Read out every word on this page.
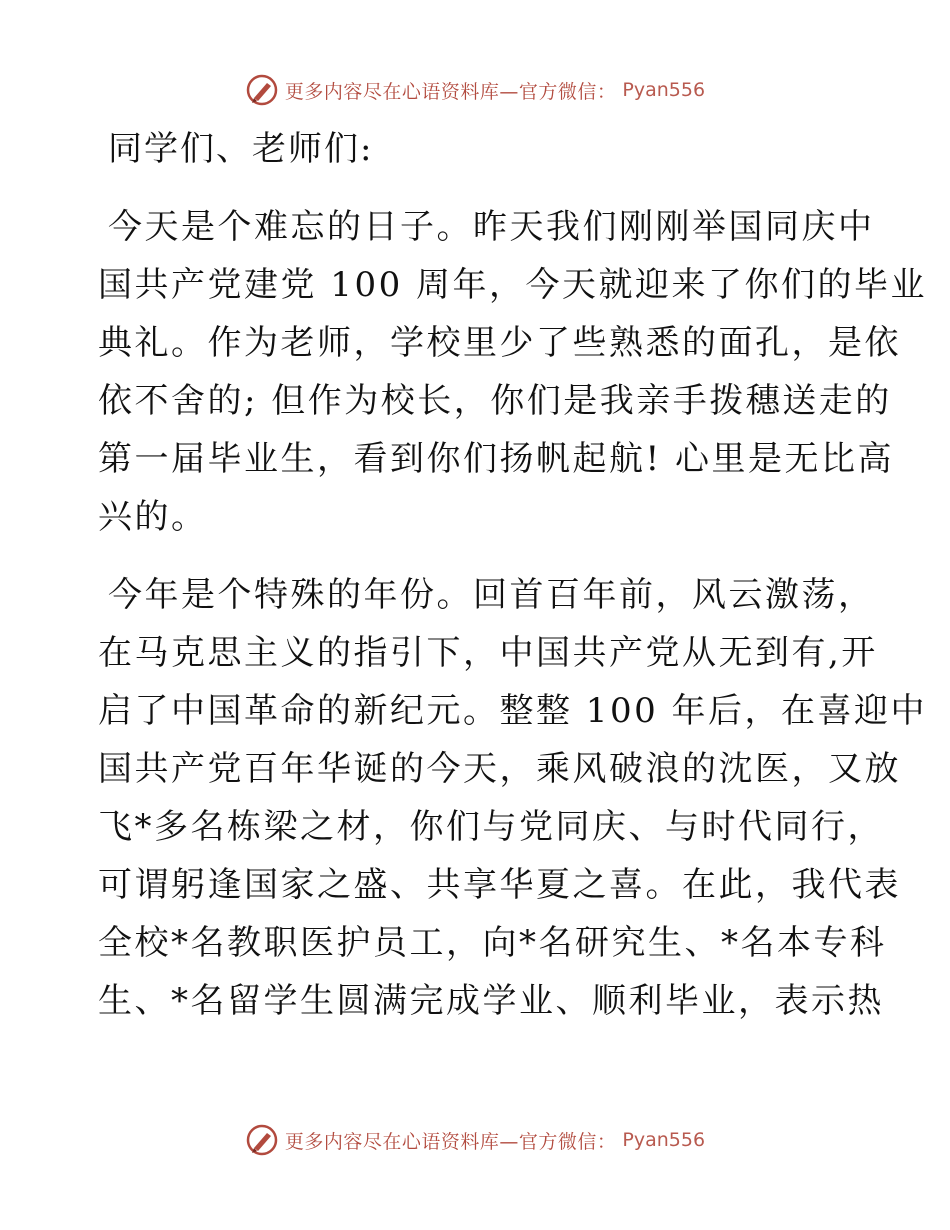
更多内容尽在心语资料库—官方微信： Pyan556
同学们、老师们:
今天是个难忘的日子。昨天我们刚刚举国同庆中
国共产党建党 100 周年，今天就迎来了你们的毕业
典礼。作为老师，学校里少了些熟悉的面孔，是依
依不舍的; 但作为校长，你们是我亲手拨穗送走的
第一届毕业生，看到你们扬帆起航! 心里是无比高
兴的。
今年是个特殊的年份。回首百年前，风云激荡，
在马克思主义的指引下，中国共产党从无到有,开
启了中国革命的新纪元。整整 100 年后，在喜迎中
国共产党百年华诞的今天，乘风破浪的沈医，又放
飞*多名栋梁之材，你们与党同庆、与时代同行，
可谓躬逢国家之盛、共享华夏之喜。在此，我代表
全校*名教职医护员工，向*名研究生、*名本专科
生、*名留学生圆满完成学业、顺利毕业，表示热
更多内容尽在心语资料库—官方微信： Pyan556
